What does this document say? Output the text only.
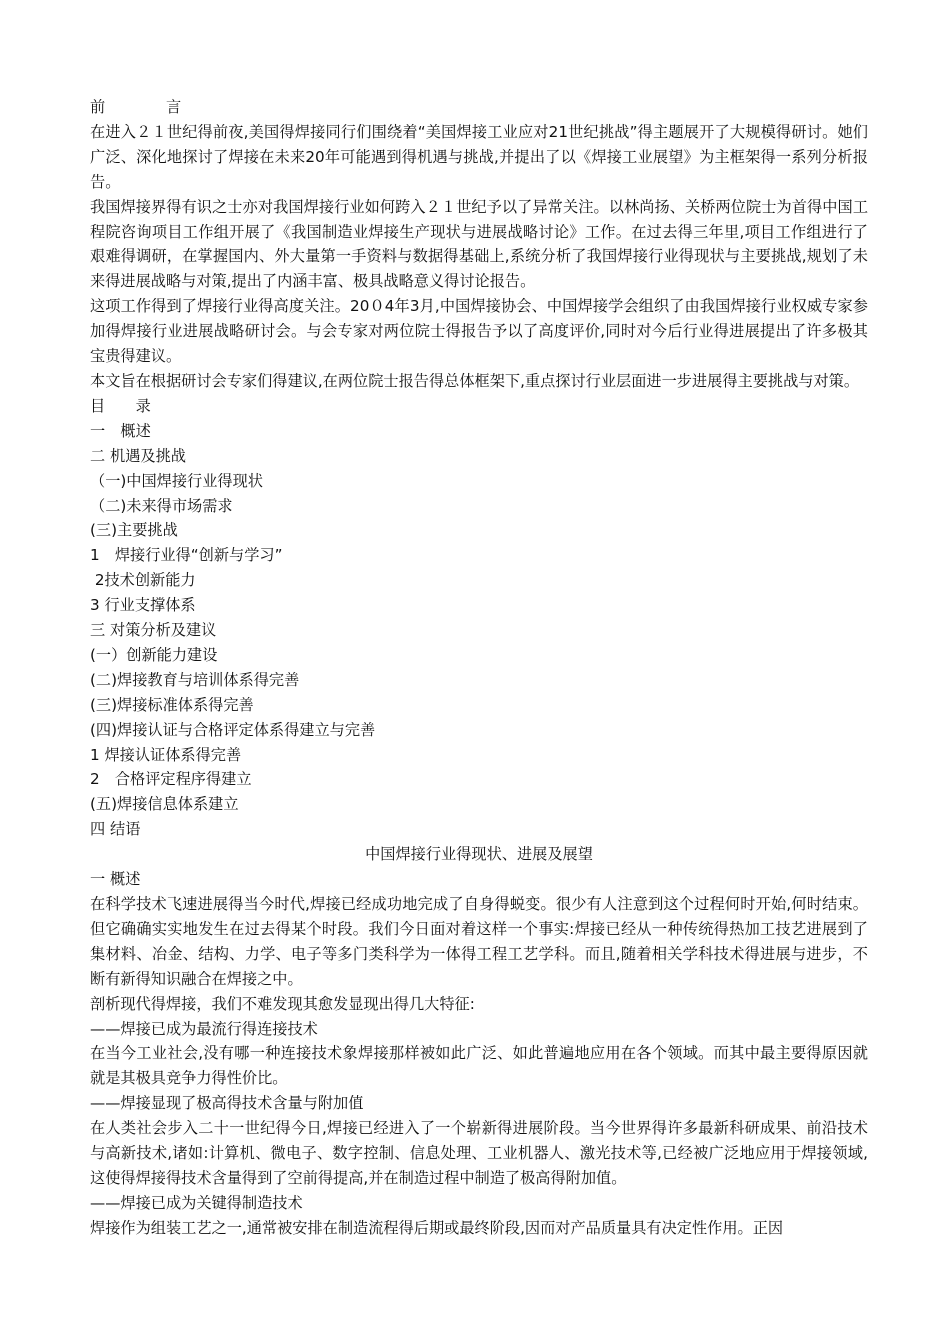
前　　　　言

在进入２１世纪得前夜,美国得焊接同行们围绕着“美国焊接工业应对21世纪挑战”得主题展开了大规模得研讨。她们广泛、深化地探讨了焊接在未来20年可能遇到得机遇与挑战,并提出了以《焊接工业展望》为主框架得一系列分析报告。

我国焊接界得有识之士亦对我国焊接行业如何跨入２１世纪予以了异常关注。以林尚扬、关桥两位院士为首得中国工程院咨询项目工作组开展了《我国制造业焊接生产现状与进展战略讨论》工作。在过去得三年里,项目工作组进行了艰难得调研，在掌握国内、外大量第一手资料与数据得基础上,系统分析了我国焊接行业得现状与主要挑战,规划了未来得进展战略与对策,提出了内涵丰富、极具战略意义得讨论报告。

这项工作得到了焊接行业得高度关注。20０4年3月,中国焊接协会、中国焊接学会组织了由我国焊接行业权威专家参加得焊接行业进展战略研讨会。与会专家对两位院士得报告予以了高度评价,同时对今后行业得进展提出了许多极其宝贵得建议。

本文旨在根据研讨会专家们得建议,在两位院士报告得总体框架下,重点探讨行业层面进一步进展得主要挑战与对策。

目　　录

一　概述

二 机遇及挑战

（一)中国焊接行业得现状

（二)未来得市场需求

(三)主要挑战

1　焊接行业得“创新与学习”

2技术创新能力

3 行业支撑体系

三 对策分析及建议

(一）创新能力建设

(二)焊接教育与培训体系得完善

(三)焊接标准体系得完善

(四)焊接认证与合格评定体系得建立与完善

1 焊接认证体系得完善

2　合格评定程序得建立

(五)焊接信息体系建立

四 结语

中国焊接行业得现状、进展及展望

一 概述

在科学技术飞速进展得当今时代,焊接已经成功地完成了自身得蜕变。很少有人注意到这个过程何时开始,何时结束。但它确确实实地发生在过去得某个时段。我们今日面对着这样一个事实:焊接已经从一种传统得热加工技艺进展到了集材料、冶金、结构、力学、电子等多门类科学为一体得工程工艺学科。而且,随着相关学科技术得进展与进步，不断有新得知识融合在焊接之中。

剖析现代得焊接，我们不难发现其愈发显现出得几大特征:

——焊接已成为最流行得连接技术

在当今工业社会,没有哪一种连接技术象焊接那样被如此广泛、如此普遍地应用在各个领域。而其中最主要得原因就就是其极具竞争力得性价比。

——焊接显现了极高得技术含量与附加值

在人类社会步入二十一世纪得今日,焊接已经进入了一个崭新得进展阶段。当今世界得许多最新科研成果、前沿技术与高新技术,诸如:计算机、微电子、数字控制、信息处理、工业机器人、激光技术等,已经被广泛地应用于焊接领域,这使得焊接得技术含量得到了空前得提高,并在制造过程中制造了极高得附加值。

——焊接已成为关键得制造技术

焊接作为组装工艺之一,通常被安排在制造流程得后期或最终阶段,因而对产品质量具有决定性作用。正因
